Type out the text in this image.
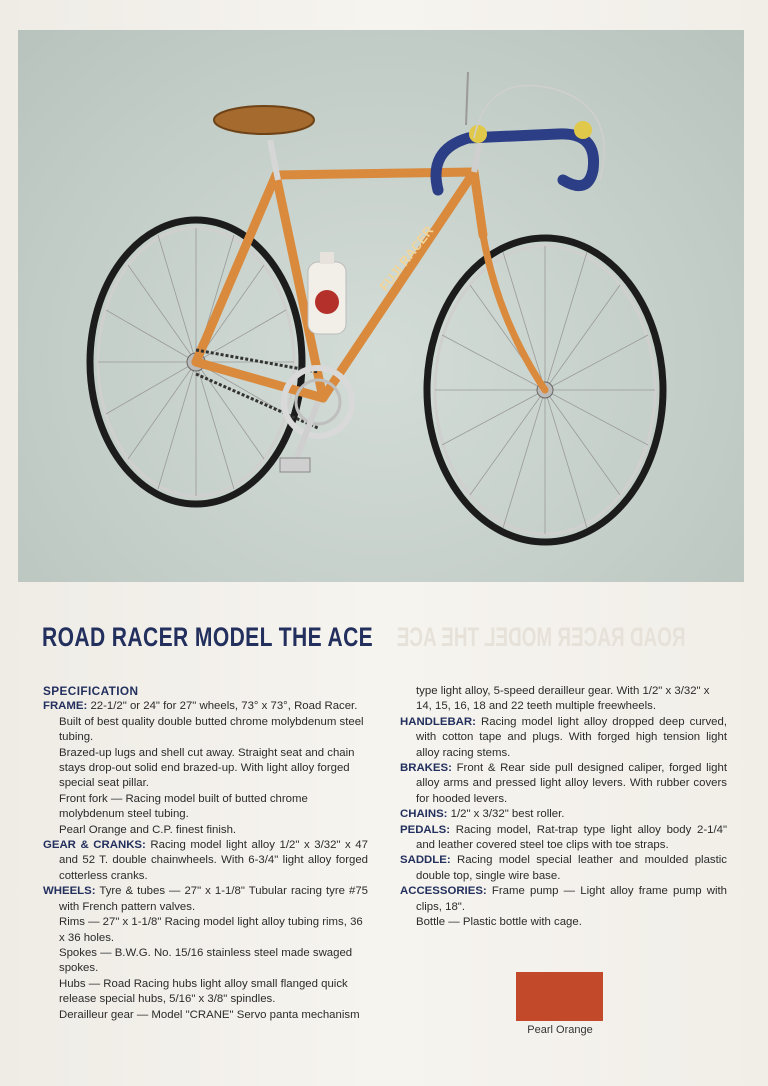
FUJI RACER
ROAD RACER MODEL THE ACE ROAD RACER MODEL THE ACE
SPECIFICATION
FRAME: 22-1/2" or 24" for 27" wheels, 73° x 73°, Road Racer.
Built of best quality double butted chrome molybdenum steel tubing.
Brazed-up lugs and shell cut away. Straight seat and chain stays drop-out solid end brazed-up. With light alloy forged special seat pillar.
Front fork — Racing model built of butted chrome molybdenum steel tubing.
Pearl Orange and C.P. finest finish.
GEAR & CRANKS: Racing model light alloy 1/2" x 3/32" x 47 and 52 T. double chainwheels. With 6-3/4" light alloy forged cotterless cranks.
WHEELS: Tyre & tubes — 27" x 1-1/8" Tubular racing tyre #75 with French pattern valves.
Rims — 27" x 1-1/8" Racing model light alloy tubing rims, 36 x 36 holes.
Spokes — B.W.G. No. 15/16 stainless steel made swaged spokes.
Hubs — Road Racing hubs light alloy small flanged quick release special hubs, 5/16" x 3/8" spindles.
Derailleur gear — Model "CRANE" Servo panta mechanism
type light alloy, 5-speed derailleur gear. With 1/2" x 3/32" x 14, 15, 16, 18 and 22 teeth multiple freewheels.
HANDLEBAR: Racing model light alloy dropped deep curved, with cotton tape and plugs. With forged high tension light alloy racing stems.
BRAKES: Front & Rear side pull designed caliper, forged light alloy arms and pressed light alloy levers. With rubber covers for hooded levers.
CHAINS: 1/2" x 3/32" best roller.
PEDALS: Racing model, Rat-trap type light alloy body 2-1/4" and leather covered steel toe clips with toe straps.
SADDLE: Racing model special leather and moulded plastic double top, single wire base.
ACCESSORIES: Frame pump — Light alloy frame pump with clips, 18".
Bottle — Plastic bottle with cage.
Pearl Orange
